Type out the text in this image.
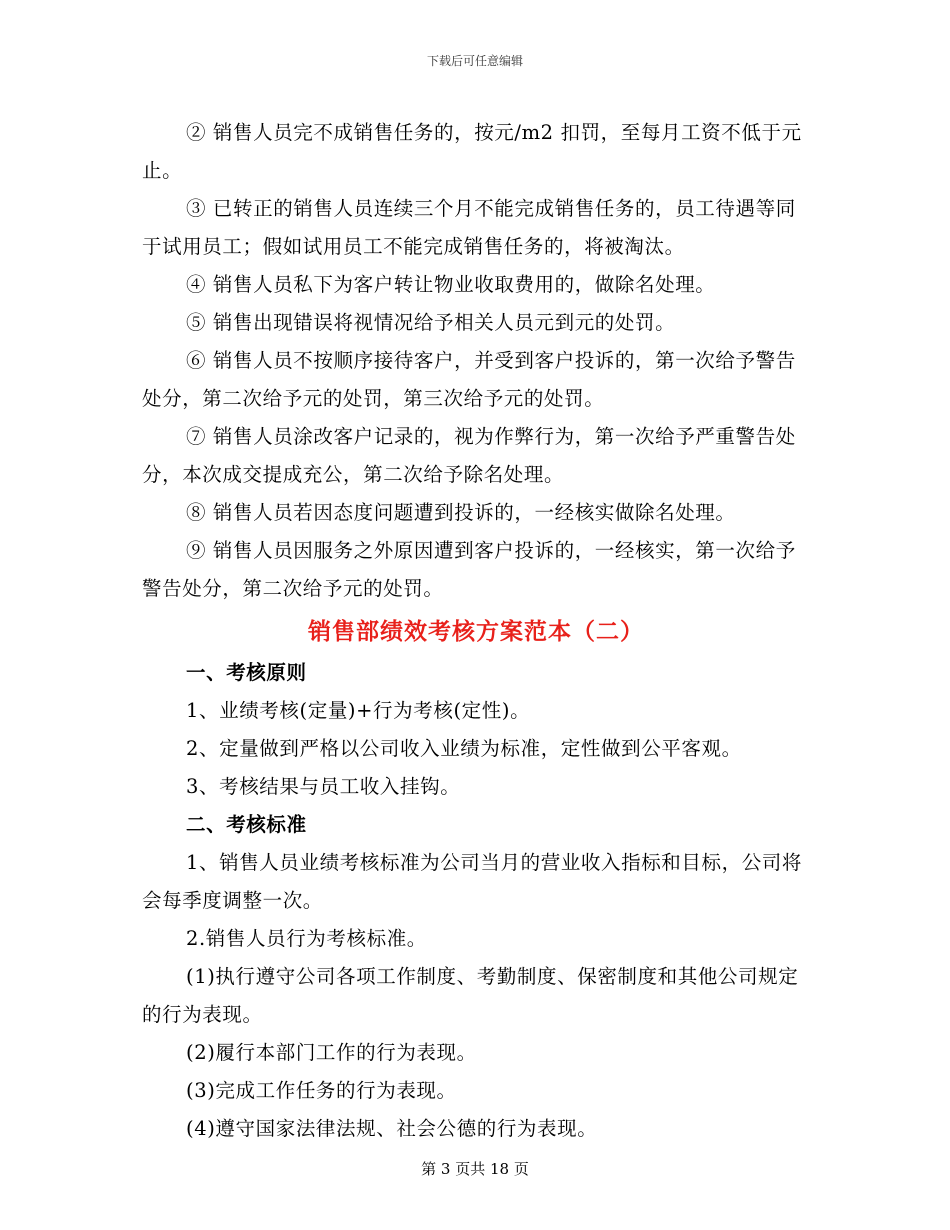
下载后可任意编辑

② 销售人员完不成销售任务的，按元/m2 扣罚，至每月工资不低于元止。

③ 已转正的销售人员连续三个月不能完成销售任务的，员工待遇等同于试用员工；假如试用员工不能完成销售任务的，将被淘汰。

④ 销售人员私下为客户转让物业收取费用的，做除名处理。

⑤ 销售出现错误将视情况给予相关人员元到元的处罚。

⑥ 销售人员不按顺序接待客户，并受到客户投诉的，第一次给予警告处分，第二次给予元的处罚，第三次给予元的处罚。

⑦ 销售人员涂改客户记录的，视为作弊行为，第一次给予严重警告处分，本次成交提成充公，第二次给予除名处理。

⑧ 销售人员若因态度问题遭到投诉的，一经核实做除名处理。

⑨ 销售人员因服务之外原因遭到客户投诉的，一经核实，第一次给予警告处分，第二次给予元的处罚。

销售部绩效考核方案范本（二）

一、考核原则

1、业绩考核(定量)+行为考核(定性)。

2、定量做到严格以公司收入业绩为标准，定性做到公平客观。

3、考核结果与员工收入挂钩。

二、考核标准

1、销售人员业绩考核标准为公司当月的营业收入指标和目标，公司将会每季度调整一次。

2.销售人员行为考核标准。

(1)执行遵守公司各项工作制度、考勤制度、保密制度和其他公司规定的行为表现。

(2)履行本部门工作的行为表现。

(3)完成工作任务的行为表现。

(4)遵守国家法律法规、社会公德的行为表现。

第 3 页共 18 页
